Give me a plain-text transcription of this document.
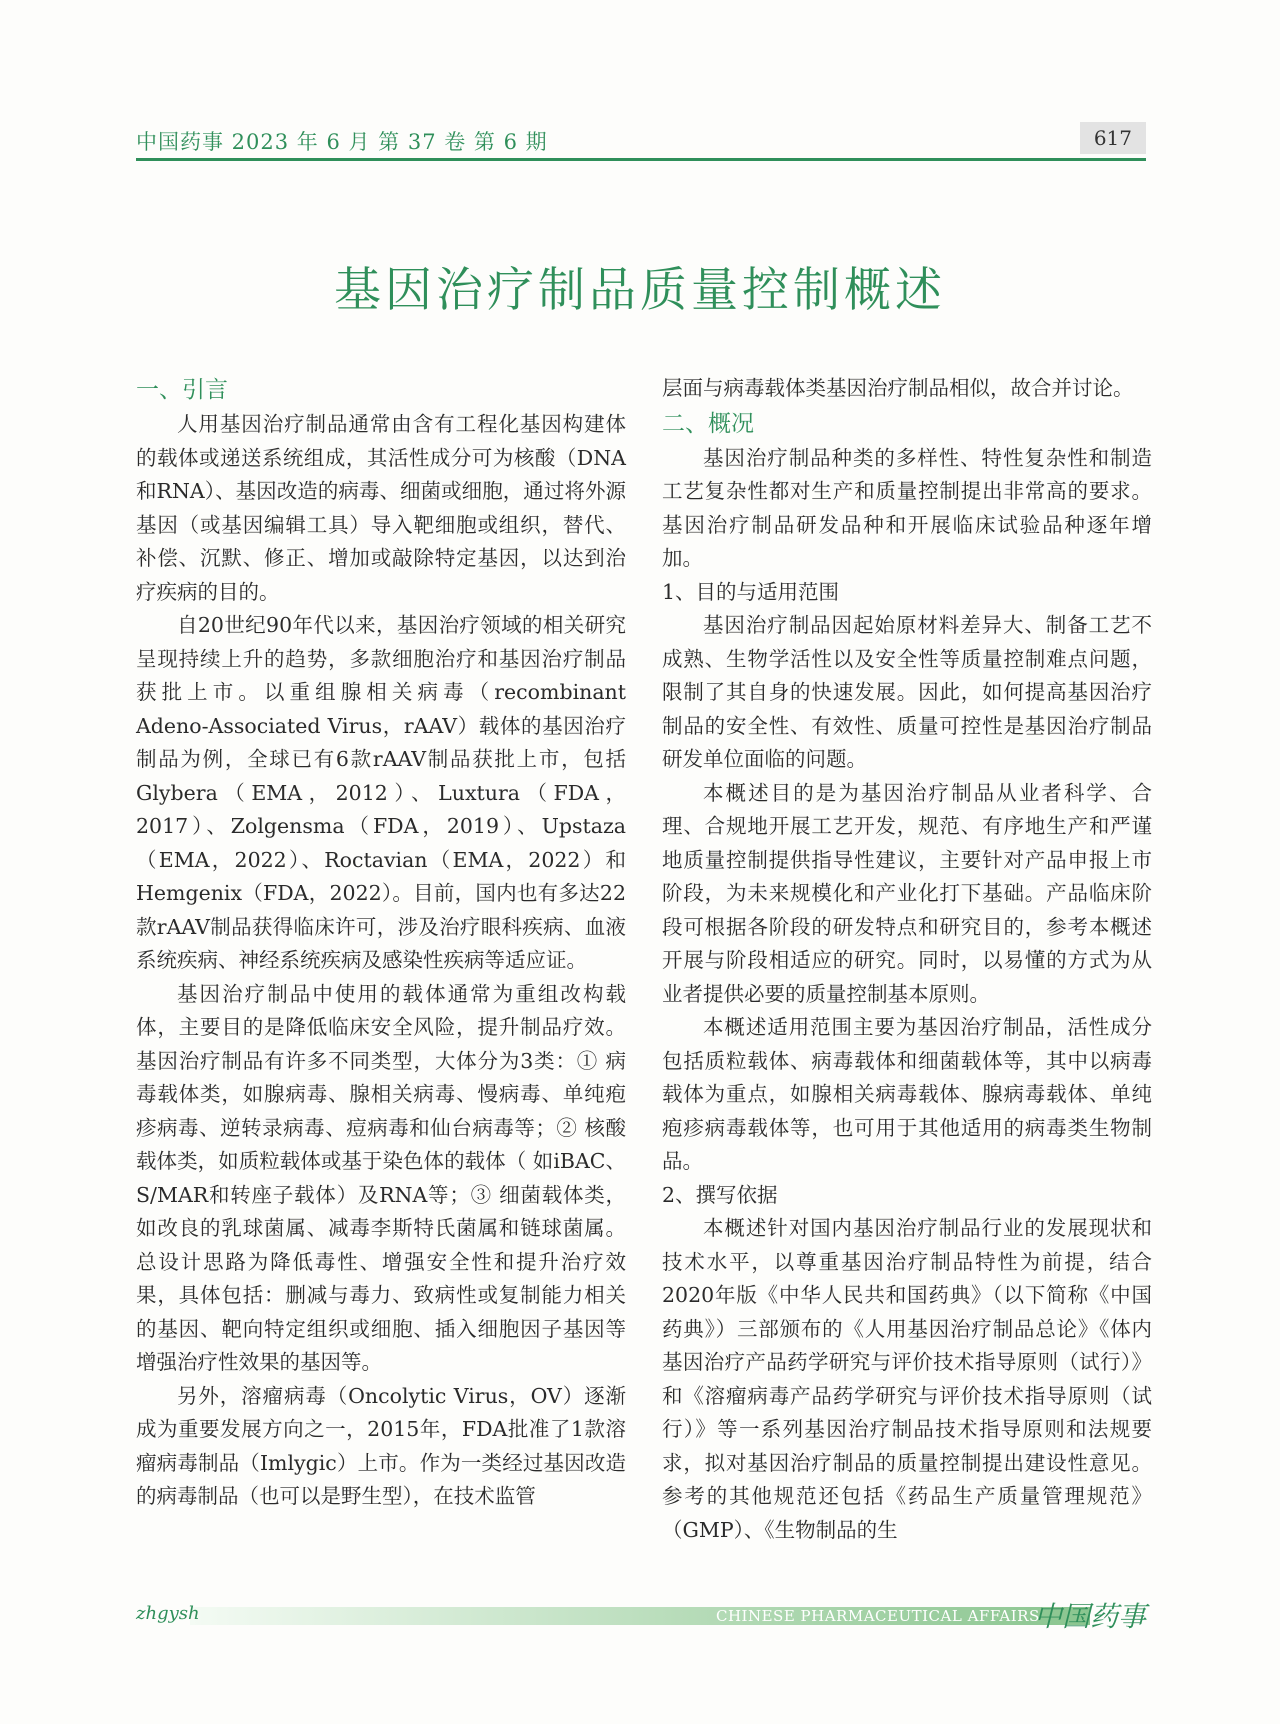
中国药事 2023 年 6 月 第 37 卷 第 6 期	617
基因治疗制品质量控制概述
一、引言

人用基因治疗制品通常由含有工程化基因构建体的载体或递送系统组成，其活性成分可为核酸（DNA和RNA）、基因改造的病毒、细菌或细胞，通过将外源基因（或基因编辑工具）导入靶细胞或组织，替代、补偿、沉默、修正、增加或敲除特定基因，以达到治疗疾病的目的。

自20世纪90年代以来，基因治疗领域的相关研究呈现持续上升的趋势，多款细胞治疗和基因治疗制品获批上市。以重组腺相关病毒（recombinant Adeno-Associated Virus，rAAV）载体的基因治疗制品为例，全球已有6款rAAV制品获批上市，包括Glybera（EMA，2012）、Luxtura（FDA，2017）、Zolgensma（FDA，2019）、Upstaza（EMA，2022）、Roctavian（EMA，2022）和Hemgenix（FDA，2022）。目前，国内也有多达22款rAAV制品获得临床许可，涉及治疗眼科疾病、血液系统疾病、神经系统疾病及感染性疾病等适应证。

基因治疗制品中使用的载体通常为重组改构载体，主要目的是降低临床安全风险，提升制品疗效。基因治疗制品有许多不同类型，大体分为3类：① 病毒载体类，如腺病毒、腺相关病毒、慢病毒、单纯疱疹病毒、逆转录病毒、痘病毒和仙台病毒等；② 核酸载体类，如质粒载体或基于染色体的载体（ 如iBAC、S/MAR和转座子载体）及RNA等；③ 细菌载体类，如改良的乳球菌属、减毒李斯特氏菌属和链球菌属。总设计思路为降低毒性、增强安全性和提升治疗效果，具体包括：删减与毒力、致病性或复制能力相关的基因、靶向特定组织或细胞、插入细胞因子基因等增强治疗性效果的基因等。

另外，溶瘤病毒（Oncolytic Virus，OV）逐渐成为重要发展方向之一，2015年，FDA批准了1款溶瘤病毒制品（Imlygic）上市。作为一类经过基因改造的病毒制品（也可以是野生型），在技术监管

层面与病毒载体类基因治疗制品相似，故合并讨论。

二、概况

基因治疗制品种类的多样性、特性复杂性和制造工艺复杂性都对生产和质量控制提出非常高的要求。基因治疗制品研发品种和开展临床试验品种逐年增加。

1、目的与适用范围

基因治疗制品因起始原材料差异大、制备工艺不成熟、生物学活性以及安全性等质量控制难点问题，限制了其自身的快速发展。因此，如何提高基因治疗制品的安全性、有效性、质量可控性是基因治疗制品研发单位面临的问题。

本概述目的是为基因治疗制品从业者科学、合理、合规地开展工艺开发，规范、有序地生产和严谨地质量控制提供指导性建议，主要针对产品申报上市阶段，为未来规模化和产业化打下基础。产品临床阶段可根据各阶段的研发特点和研究目的，参考本概述开展与阶段相适应的研究。同时，以易懂的方式为从业者提供必要的质量控制基本原则。

本概述适用范围主要为基因治疗制品，活性成分包括质粒载体、病毒载体和细菌载体等，其中以病毒载体为重点，如腺相关病毒载体、腺病毒载体、单纯疱疹病毒载体等，也可用于其他适用的病毒类生物制品。

2、撰写依据

本概述针对国内基因治疗制品行业的发展现状和技术水平，以尊重基因治疗制品特性为前提，结合2020年版《中华人民共和国药典》（以下简称《中国药典》）三部颁布的《人用基因治疗制品总论》《体内基因治疗产品药学研究与评价技术指导原则（试行）》和《溶瘤病毒产品药学研究与评价技术指导原则（试行）》等一系列基因治疗制品技术指导原则和法规要求，拟对基因治疗制品的质量控制提出建设性意见。参考的其他规范还包括《药品生产质量管理规范》（GMP）、《生物制品的生

zhgysh	CHINESE PHARMACEUTICAL AFFAIRS
中国药事
